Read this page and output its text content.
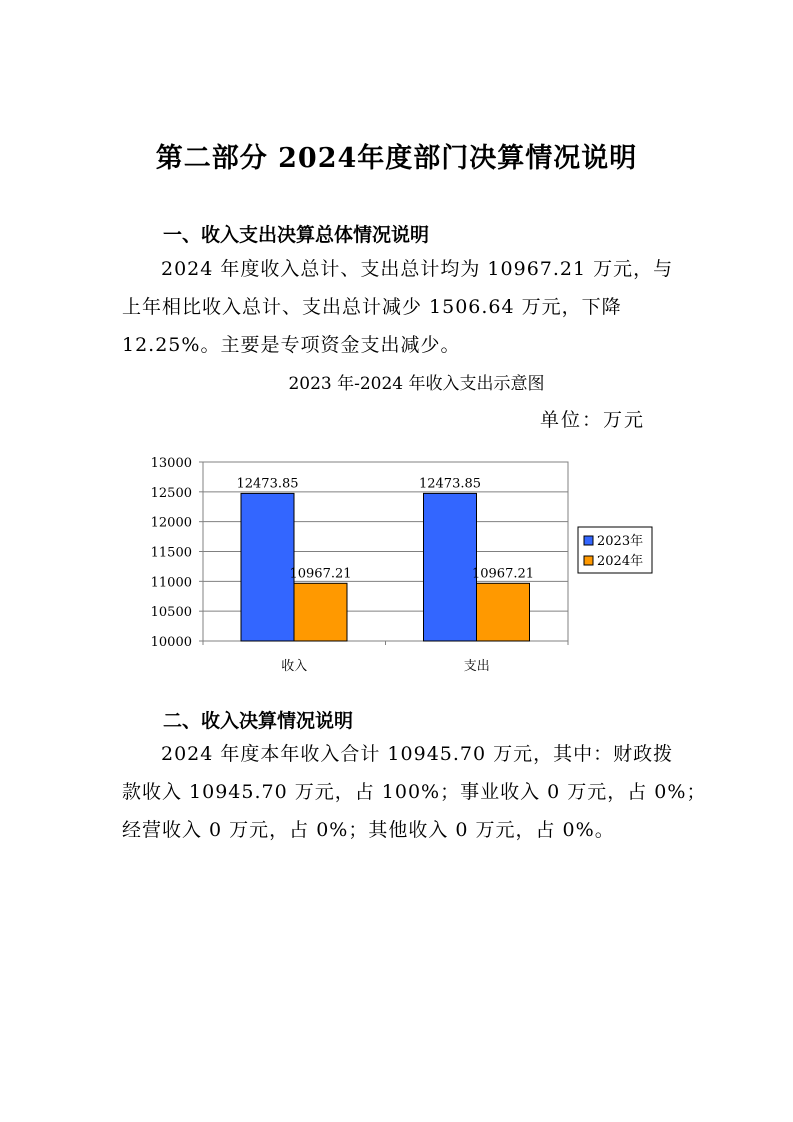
第二部分 2024年度部门决算情况说明
一、收入支出决算总体情况说明
2024 年度收入总计、支出总计均为 10967.21 万元，与
上年相比收入总计、支出总计减少 1506.64 万元，下降
12.25%。主要是专项资金支出减少。
2023 年-2024 年收入支出示意图
单位：万元
10000
10500
11000
11500
12000
12500
13000
12473.85
10967.21
收入
12473.85
10967.21
支出
2023年
2024年
二、收入决算情况说明
2024 年度本年收入合计 10945.70 万元，其中：财政拨
款收入 10945.70 万元，占 100%；事业收入 0 万元，占 0%；
经营收入 0 万元，占 0%；其他收入 0 万元，占 0%。
